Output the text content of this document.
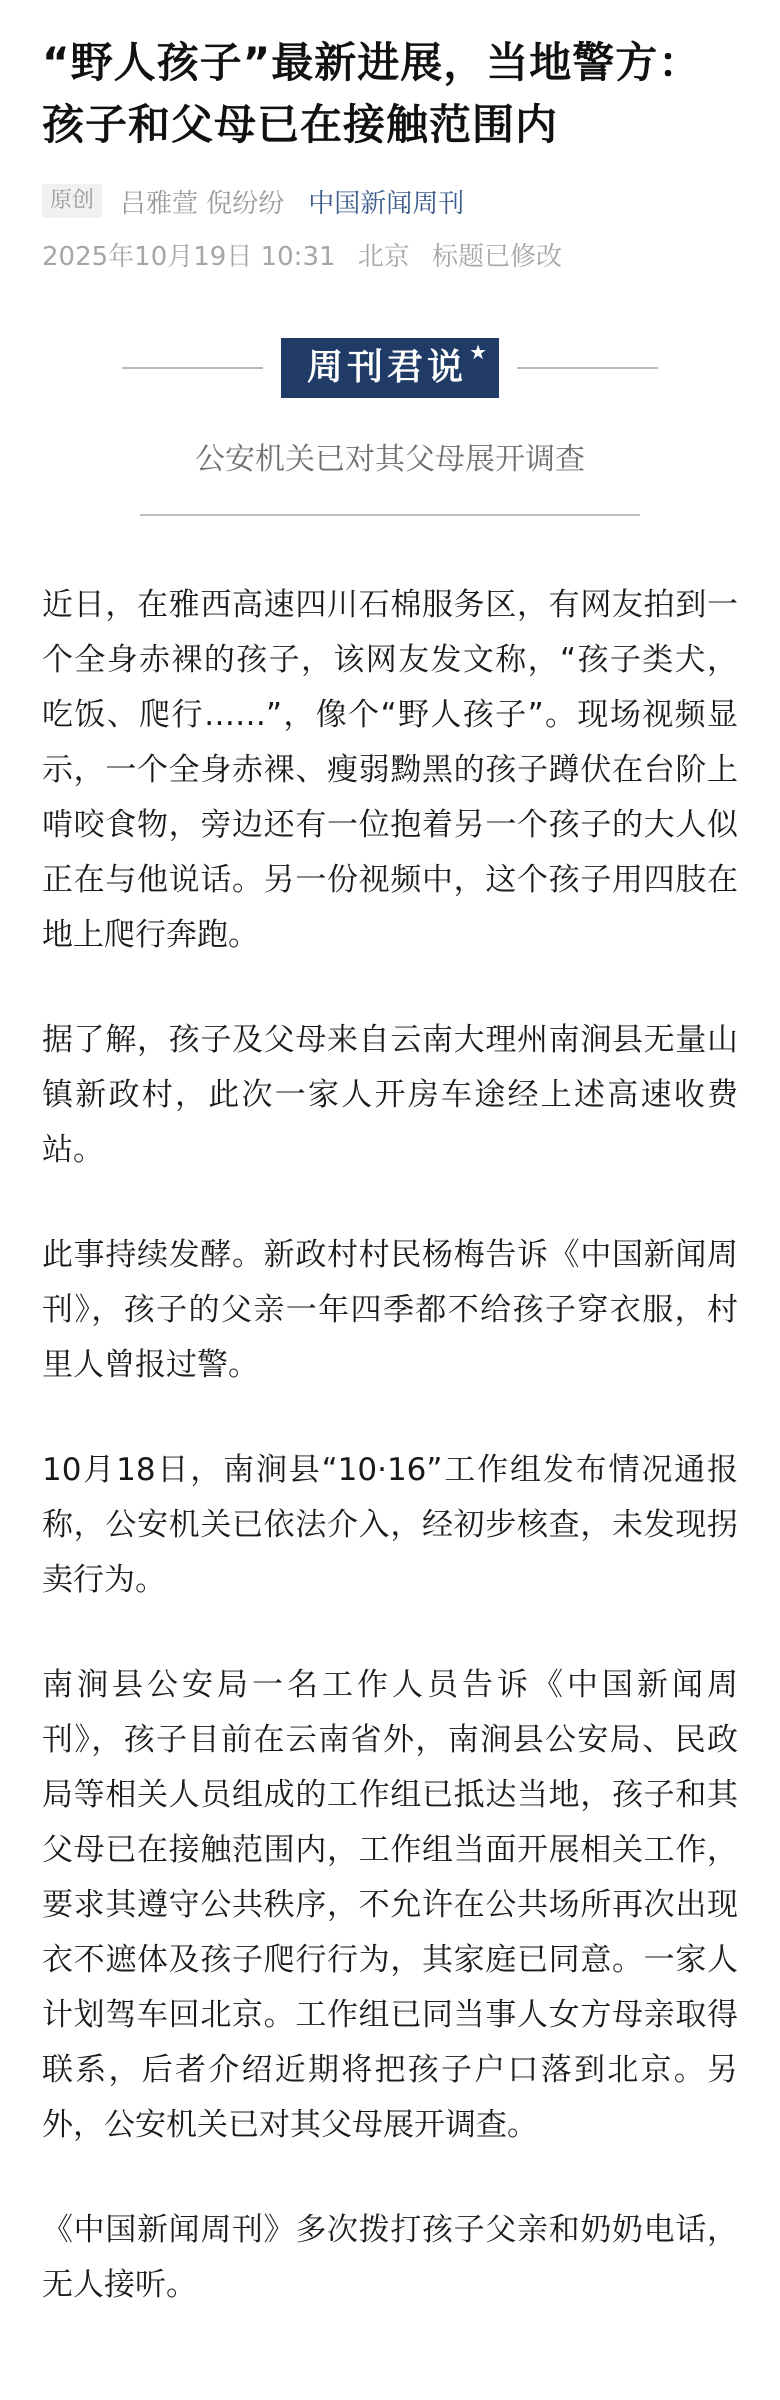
“野人孩子”最新进展，当地警方：
孩子和父母已在接触范围内
原创	吕雅萱 倪纷纷 中国新闻周刊
2025年10月19日 10:31 北京 标题已修改
周刊君说 ★
公安机关已对其父母展开调查

近日，在雅西高速四川石棉服务区，有网友拍到一个全身赤裸的孩子，该网友发文称，“孩子类犬，吃饭、爬行……”，像个“野人孩子”。现场视频显示，一个全身赤裸、瘦弱黝黑的孩子蹲伏在台阶上啃咬食物，旁边还有一位抱着另一个孩子的大人似正在与他说话。另一份视频中，这个孩子用四肢在地上爬行奔跑。

据了解，孩子及父母来自云南大理州南涧县无量山镇新政村，此次一家人开房车途经上述高速收费站。

此事持续发酵。新政村村民杨梅告诉《中国新闻周刊》，孩子的父亲一年四季都不给孩子穿衣服，村里人曾报过警。

10月18日，南涧县“10·16”工作组发布情况通报称，公安机关已依法介入，经初步核查，未发现拐卖行为。

南涧县公安局一名工作人员告诉《中国新闻周刊》，孩子目前在云南省外，南涧县公安局、民政局等相关人员组成的工作组已抵达当地，孩子和其父母已在接触范围内，工作组当面开展相关工作，要求其遵守公共秩序，不允许在公共场所再次出现衣不遮体及孩子爬行行为，其家庭已同意。一家人计划驾车回北京。工作组已同当事人女方母亲取得联系，后者介绍近期将把孩子户口落到北京。另外，公安机关已对其父母展开调查。

《中国新闻周刊》多次拨打孩子父亲和奶奶电话，无人接听。
